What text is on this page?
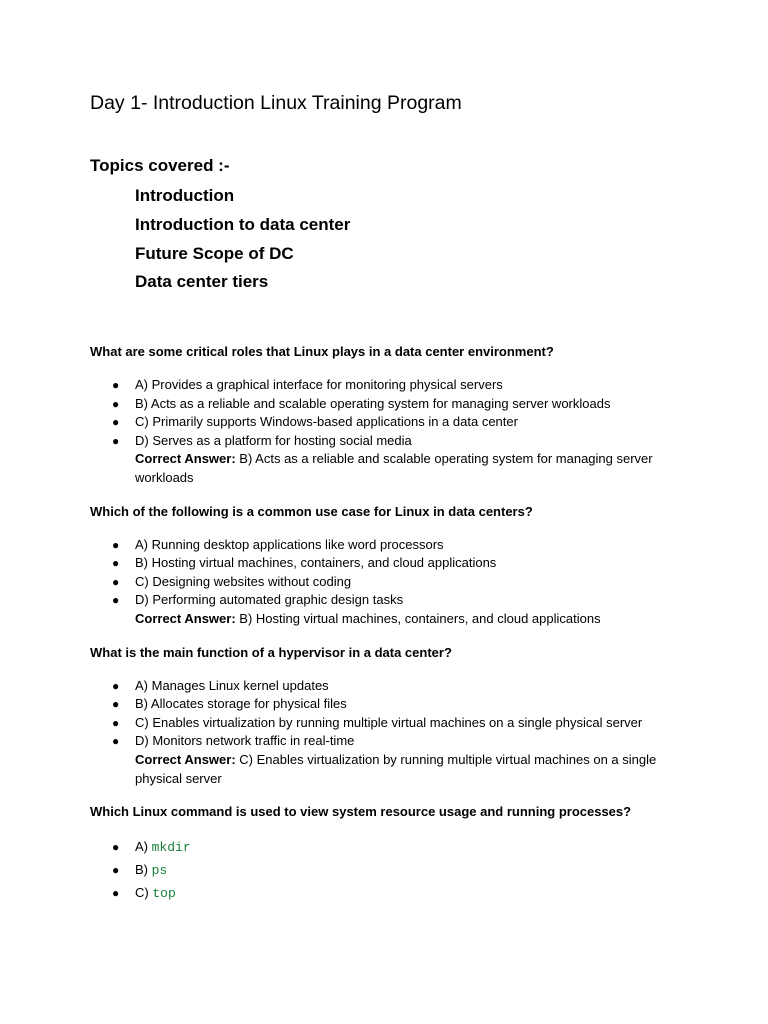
Day 1- Introduction Linux Training Program
Topics covered :-
Introduction
Introduction to data center
Future Scope of DC
Data center tiers

What are some critical roles that Linux plays in a data center environment?

● A) Provides a graphical interface for monitoring physical servers
● B) Acts as a reliable and scalable operating system for managing server workloads
● C) Primarily supports Windows-based applications in a data center
● D) Serves as a platform for hosting social media
Correct Answer: B) Acts as a reliable and scalable operating system for managing server workloads

Which of the following is a common use case for Linux in data centers?

● A) Running desktop applications like word processors
● B) Hosting virtual machines, containers, and cloud applications
● C) Designing websites without coding
● D) Performing automated graphic design tasks
Correct Answer: B) Hosting virtual machines, containers, and cloud applications

What is the main function of a hypervisor in a data center?

● A) Manages Linux kernel updates
● B) Allocates storage for physical files
● C) Enables virtualization by running multiple virtual machines on a single physical server
● D) Monitors network traffic in real-time
Correct Answer: C) Enables virtualization by running multiple virtual machines on a single physical server

Which Linux command is used to view system resource usage and running processes?

● A) mkdir
● B) ps
● C) top
